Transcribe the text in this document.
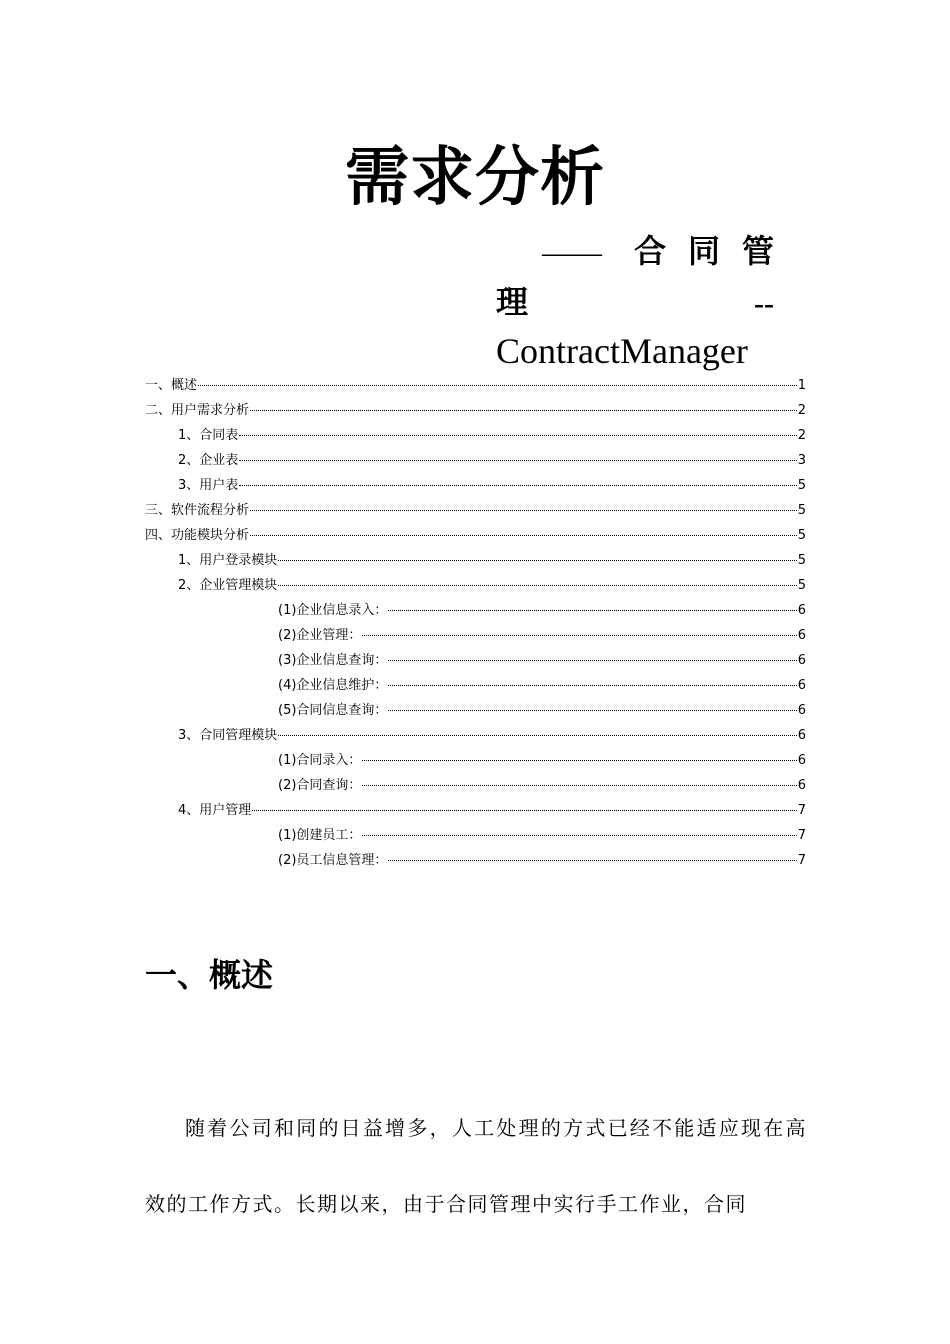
需求分析
—— 合 同 管
理	--
ContractManager
一、概述	1
二、用户需求分析	2
1、合同表	2
2、企业表	3
3、用户表	5
三、软件流程分析	5
四、功能模块分析	5
1、用户登录模块	5
2、企业管理模块	5
(1)企业信息录入：	6
(2)企业管理：	6
(3)企业信息查询：	6
(4)企业信息维护：	6
(5)合同信息查询：	6
3、合同管理模块	6
(1)合同录入：	6
(2)合同查询：	6
4、用户管理	7
(1)创建员工：	7
(2)员工信息管理：	7
一、概述
随着公司和同的日益增多，人工处理的方式已经不能适应现在高效的工作方式。长期以来，由于合同管理中实行手工作业，合同
